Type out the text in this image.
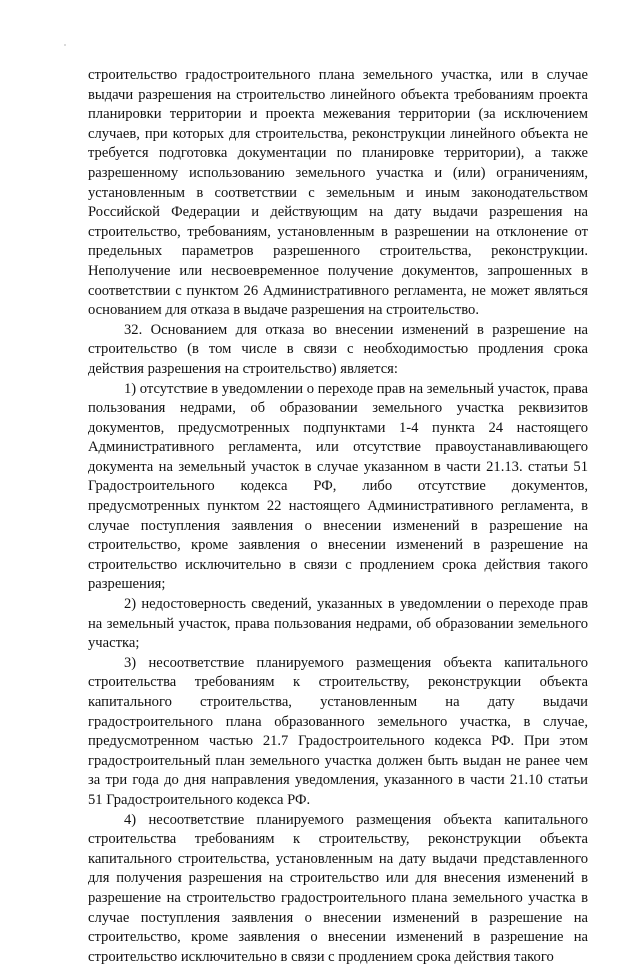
строительство градостроительного плана земельного участка, или в случае выдачи разрешения на строительство линейного объекта требованиям проекта планировки территории и проекта межевания территории (за исключением случаев, при которых для строительства, реконструкции линейного объекта не требуется подготовка документации по планировке территории), а также разрешенному использованию земельного участка и (или) ограничениям, установленным в соответствии с земельным и иным законодательством Российской Федерации и действующим на дату выдачи разрешения на строительство, требованиям, установленным в разрешении на отклонение от предельных параметров разрешенного строительства, реконструкции. Неполучение или несвоевременное получение документов, запрошенных в соответствии с пунктом 26 Административного регламента, не может являться основанием для отказа в выдаче разрешения на строительство.

32. Основанием для отказа во внесении изменений в разрешение на строительство (в том числе в связи с необходимостью продления срока действия разрешения на строительство) является:

1) отсутствие в уведомлении о переходе прав на земельный участок, права пользования недрами, об образовании земельного участка реквизитов документов, предусмотренных подпунктами 1-4 пункта 24 настоящего Административного регламента, или отсутствие правоустанавливающего документа на земельный участок в случае указанном в части 21.13. статьи 51 Градостроительного кодекса РФ, либо отсутствие документов, предусмотренных пунктом 22 настоящего Административного регламента, в случае поступления заявления о внесении изменений в разрешение на строительство, кроме заявления о внесении изменений в разрешение на строительство исключительно в связи с продлением срока действия такого разрешения;

2) недостоверность сведений, указанных в уведомлении о переходе прав на земельный участок, права пользования недрами, об образовании земельного участка;

3) несоответствие планируемого размещения объекта капитального строительства требованиям к строительству, реконструкции объекта капитального строительства, установленным на дату выдачи градостроительного плана образованного земельного участка, в случае, предусмотренном частью 21.7 Градостроительного кодекса РФ. При этом градостроительный план земельного участка должен быть выдан не ранее чем за три года до дня направления уведомления, указанного в части 21.10 статьи 51 Градостроительного кодекса РФ.

4) несоответствие планируемого размещения объекта капитального строительства требованиям к строительству, реконструкции объекта капитального строительства, установленным на дату выдачи представленного для получения разрешения на строительство или для внесения изменений в разрешение на строительство градостроительного плана земельного участка в случае поступления заявления о внесении изменений в разрешение на строительство, кроме заявления о внесении изменений в разрешение на строительство исключительно в связи с продлением срока действия такого
